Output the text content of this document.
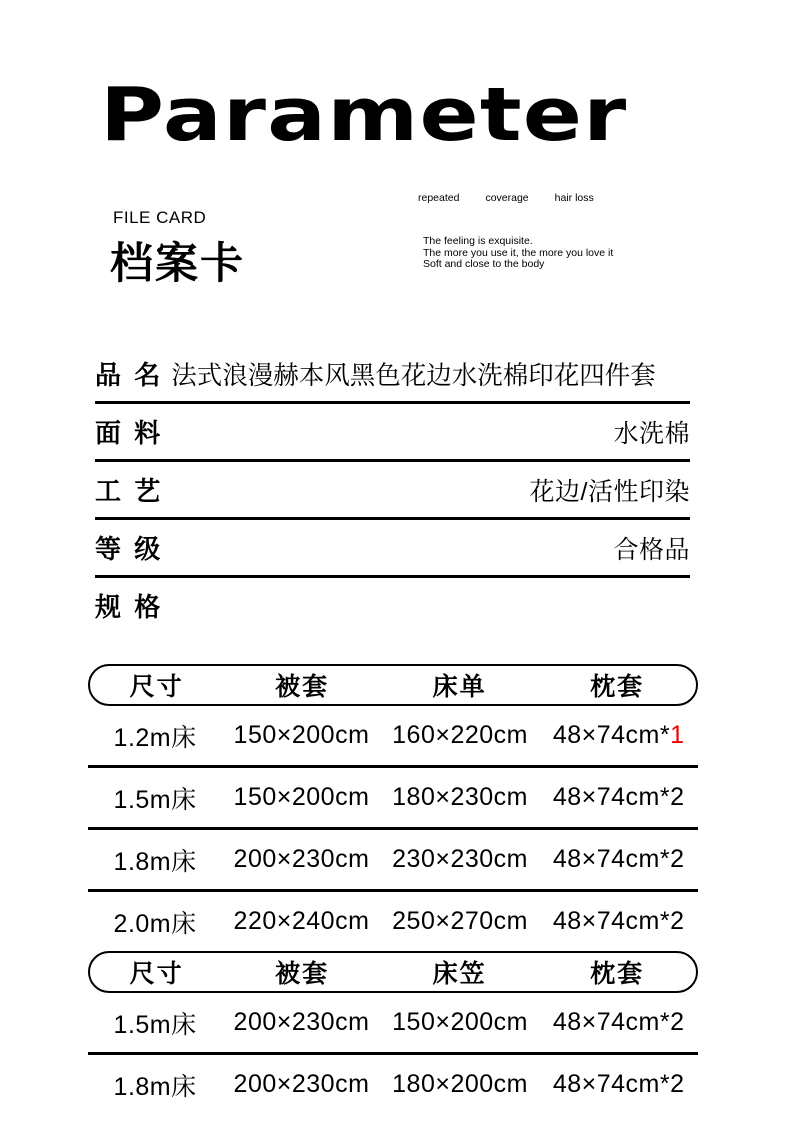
Parameter
FILE CARD
档案卡
repeated coverage hair loss
The feeling is exquisite.
The more you use it, the more you love it
Soft and close to the body
品 名 法式浪漫赫本风黑色花边水洗棉印花四件套
面 料	水洗棉
工 艺	花边/活性印染
等 级	合格品
规 格
尺寸	被套	床单	枕套
1.2m床	150×200cm 160×220cm 48×74cm*1
1.5m床	150×200cm 180×230cm 48×74cm*2
1.8m床	200×230cm 230×230cm 48×74cm*2
2.0m床	220×240cm 250×270cm 48×74cm*2
尺寸	被套	床笠	枕套
1.5m床	200×230cm 150×200cm 48×74cm*2
1.8m床	200×230cm 180×200cm 48×74cm*2
